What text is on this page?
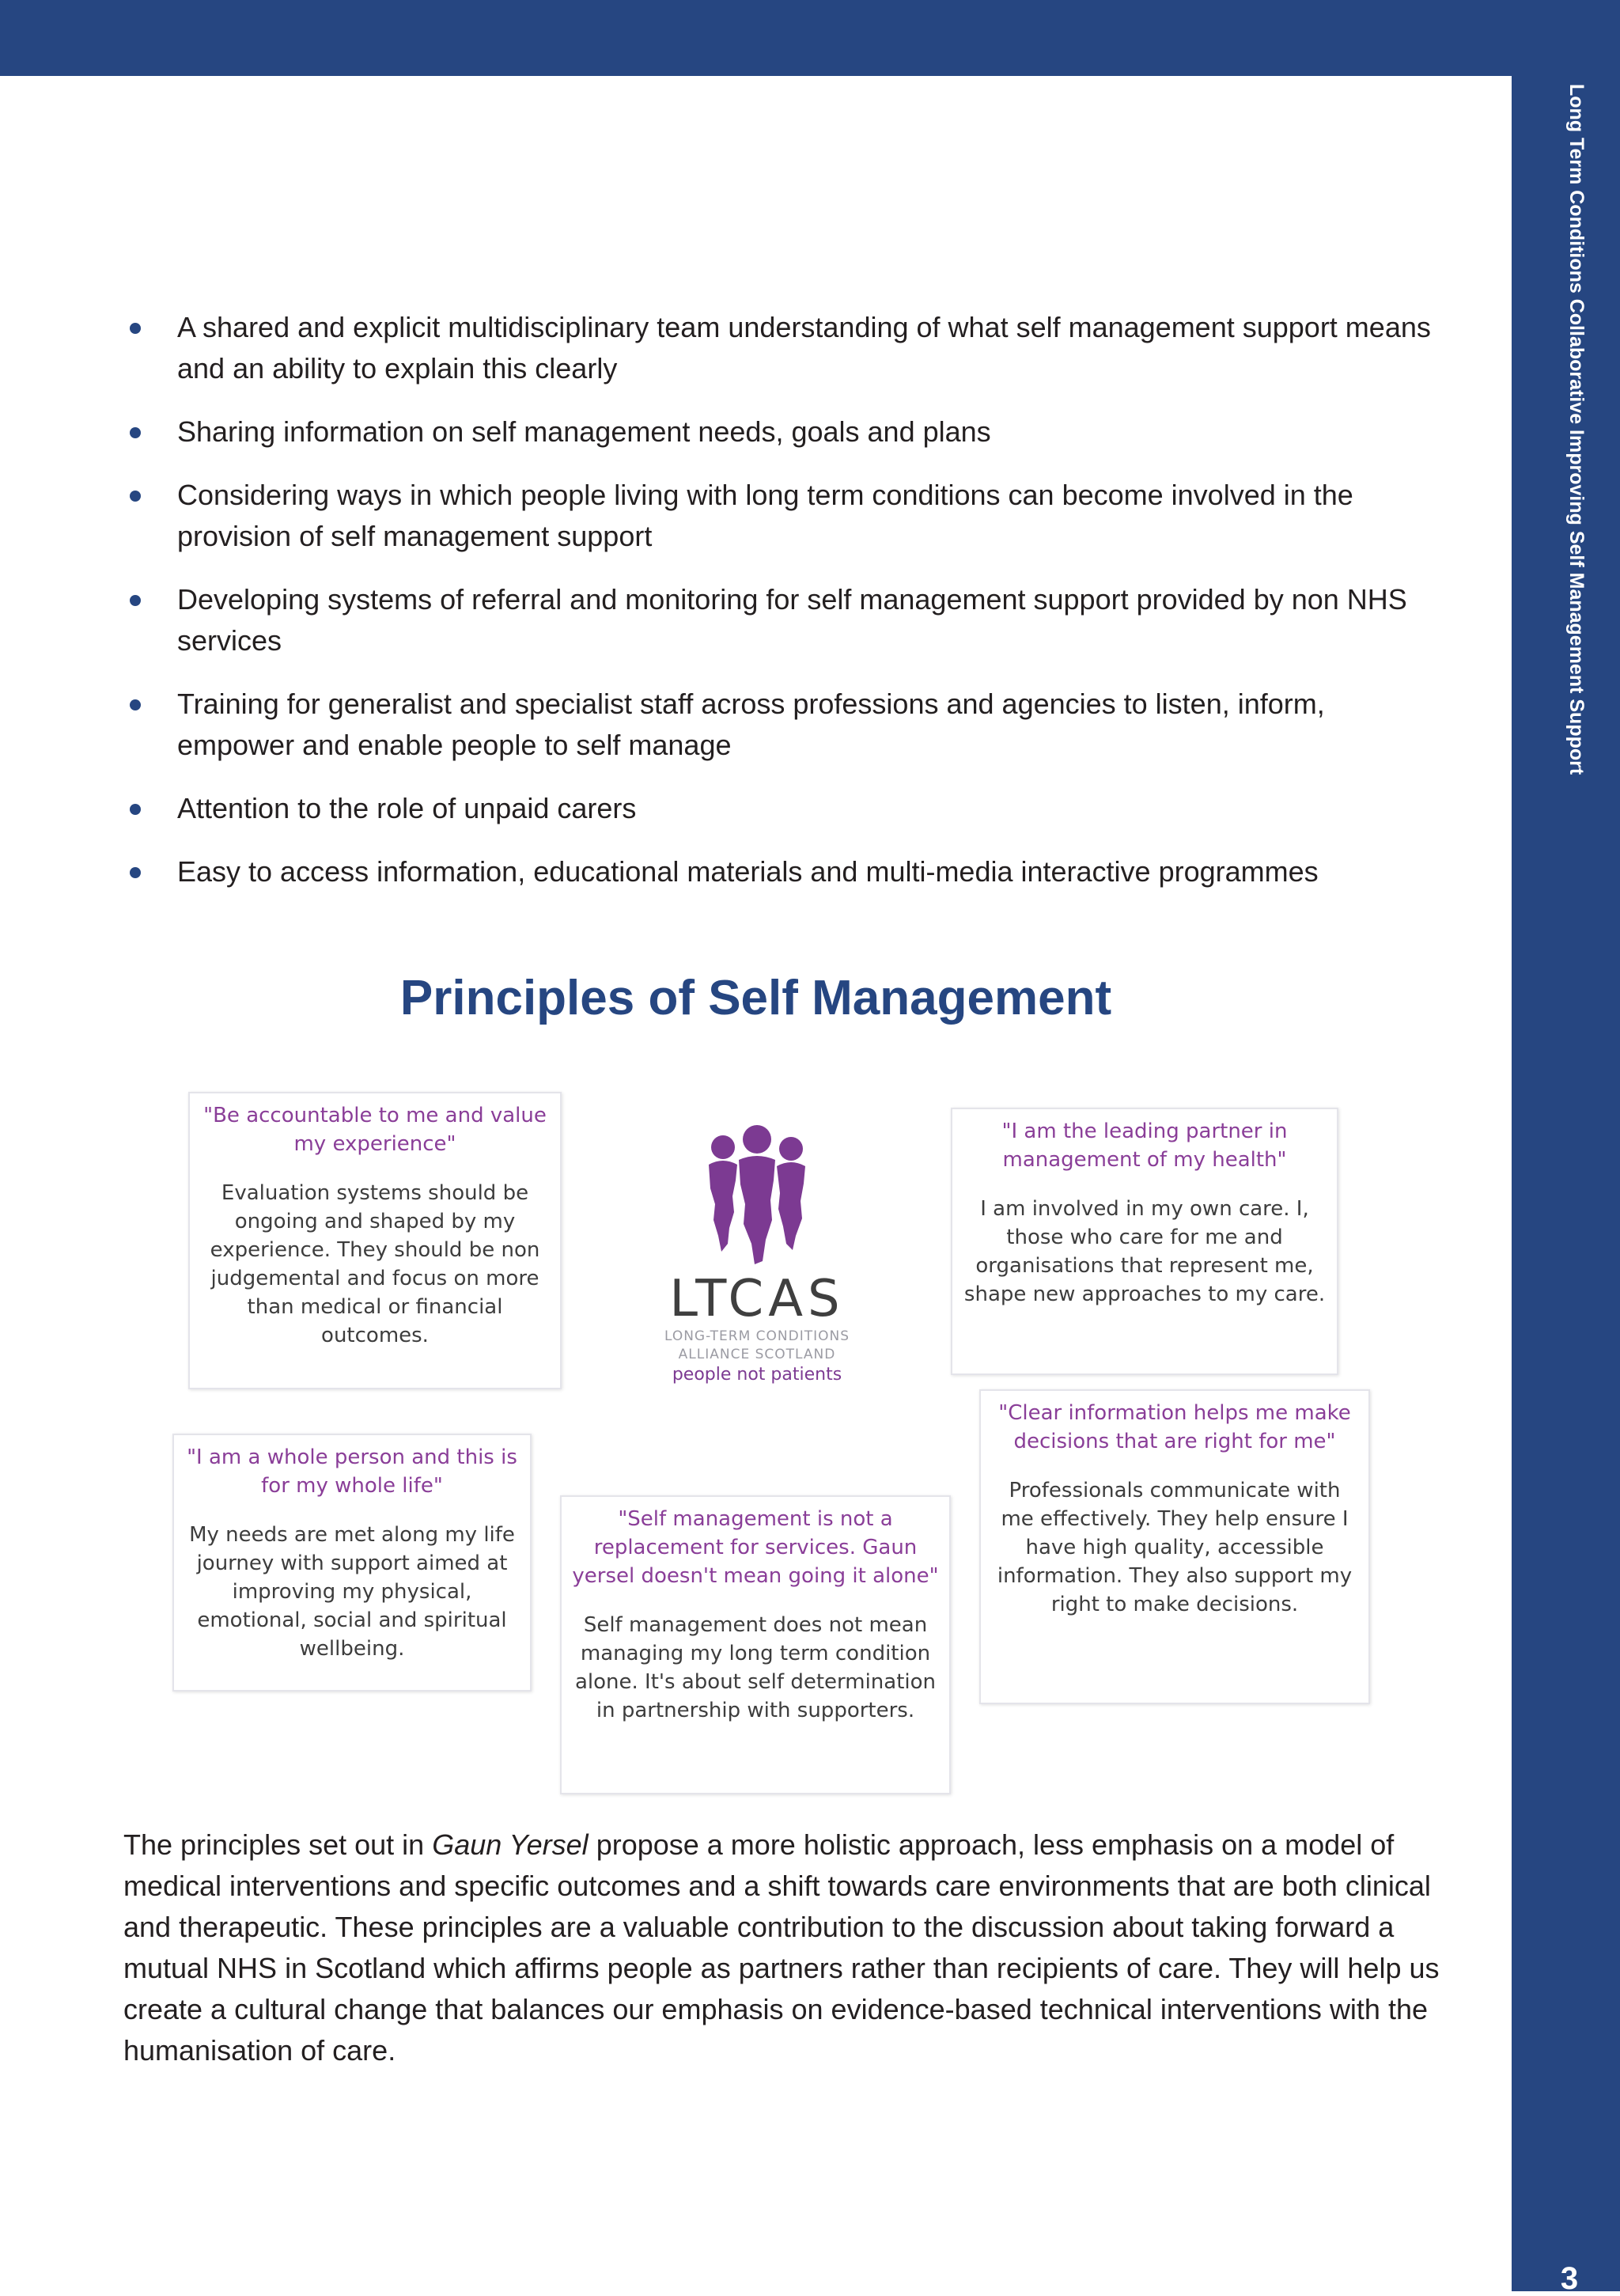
Long Term Conditions Collaborative Improving Self Management Support
3
A shared and explicit multidisciplinary team understanding of what self management support means and an ability to explain this clearly
Sharing information on self management needs, goals and plans
Considering ways in which people living with long term conditions can become involved in the provision of self management support
Developing systems of referral and monitoring for self management support provided by non NHS services
Training for generalist and specialist staff across professions and agencies to listen, inform, empower and enable people to self manage
Attention to the role of unpaid carers
Easy to access information, educational materials and multi-media interactive programmes
Principles of Self Management
"Be accountable to me and value my experience"
Evaluation systems should be ongoing and shaped by my experience. They should be non judgemental and focus on more than medical or financial outcomes.
"I am the leading partner in management of my health"
I am involved in my own care. I, those who care for me and organisations that represent me, shape new approaches to my care.
LTCAS
LONG-TERM CONDITIONS
ALLIANCE SCOTLAND
people not patients
"I am a whole person and this is for my whole life"
My needs are met along my life journey with support aimed at improving my physical, emotional, social and spiritual wellbeing.
"Self management is not a replacement for services. Gaun yersel doesn't mean going it alone"
Self management does not mean managing my long term condition alone. It's about self determination in partnership with supporters.
"Clear information helps me make decisions that are right for me"
Professionals communicate with me effectively. They help ensure I have high quality, accessible information. They also support my right to make decisions.

The principles set out in Gaun Yersel propose a more holistic approach, less emphasis on a model of medical interventions and specific outcomes and a shift towards care environments that are both clinical and therapeutic. These principles are a valuable contribution to the discussion about taking forward a mutual NHS in Scotland which affirms people as partners rather than recipients of care. They will help us create a cultural change that balances our emphasis on evidence-based technical interventions with the humanisation of care.
